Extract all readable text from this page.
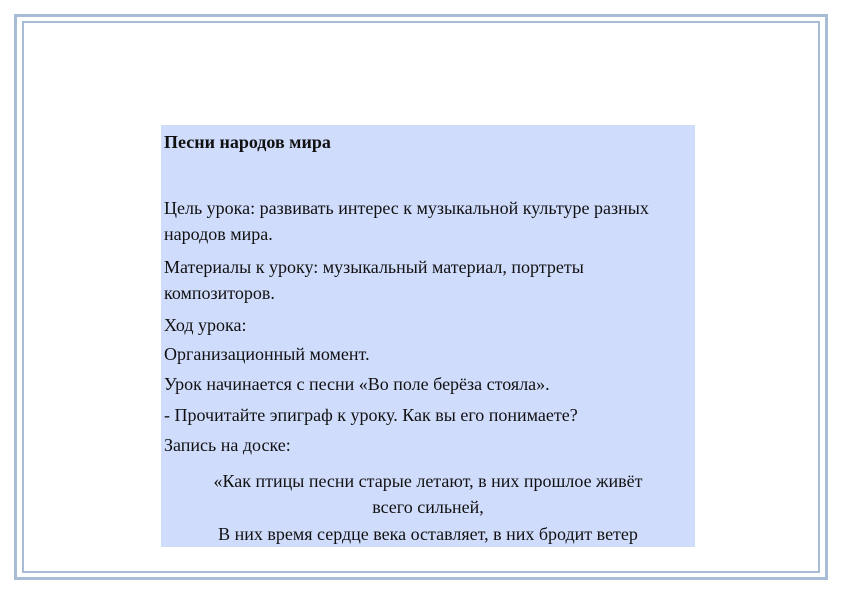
Песни народов мира

Цель урока: развивать интерес к музыкальной культуре разных народов мира.

Материалы к уроку: музыкальный материал, портреты композиторов.

Ход урока:

Организационный момент.

Урок начинается с песни «Во поле берёза стояла».

- Прочитайте эпиграф к уроку. Как вы его понимаете?

Запись на доске:

«Как птицы песни старые летают, в них прошлое живёт

всего сильней,

В них время сердце века оставляет, в них бродит ветер
